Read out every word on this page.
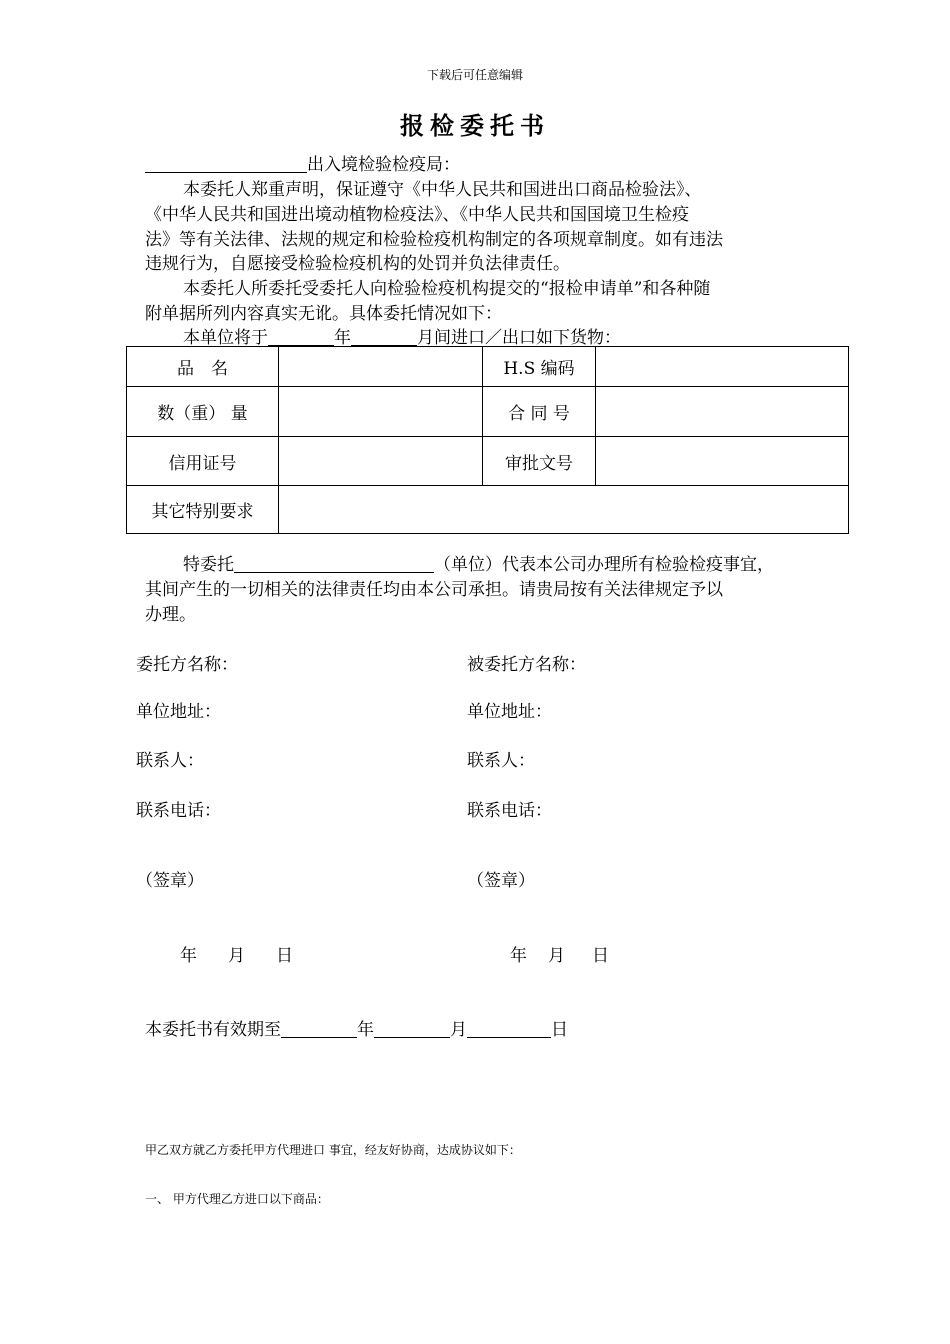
下载后可任意编辑
报检委托书
出入境检验检疫局：
本委托人郑重声明，保证遵守《中华人民共和国进出口商品检验法》、
《中华人民共和国进出境动植物检疫法》、《中华人民共和国国境卫生检疫
法》等有关法律、法规的规定和检验检疫机构制定的各项规章制度。如有违法
违规行为，自愿接受检验检疫机构的处罚并负法律责任。
本委托人所委托受委托人向检验检疫机构提交的“报检申请单”和各种随
附单据所列内容真实无讹。具体委托情况如下：
本单位将于	年	月间进口／出口如下货物：
品　名		H.S 编码	
数（重） 量		合 同 号	
信用证号		审批文号	
其它特别要求			
特委托	（单位）代表本公司办理所有检验检疫事宜，
其间产生的一切相关的法律责任均由本公司承担。请贵局按有关法律规定予以
办理。
委托方名称：
单位地址：
联系人：
联系电话：
（签章）
年 月 日
被委托方名称：
单位地址：
联系人：
联系电话：
（签章）
年 月 日
本委托书有效期至	年	月	日
甲乙双方就乙方委托甲方代理进口 事宜，经友好协商，达成协议如下：
一、 甲方代理乙方进口以下商品：
